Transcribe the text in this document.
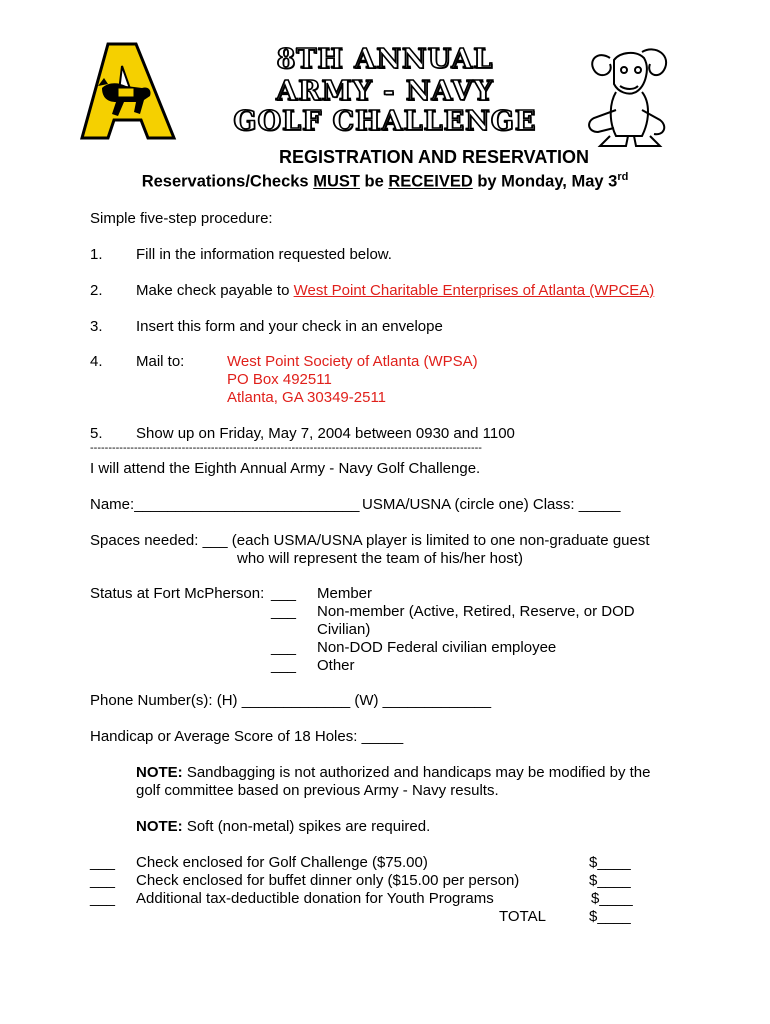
8TH ANNUAL
ARMY - NAVY
GOLF CHALLENGE
REGISTRATION AND RESERVATION
Reservations/Checks MUST be RECEIVED by Monday, May 3rd
Simple five-step procedure:
1. Fill in the information requested below.
2. Make check payable to West Point Charitable Enterprises of Atlanta (WPCEA)
3. Insert this form and your check in an envelope
4. Mail to:	West Point Society of Atlanta (WPSA)
PO Box 492511
Atlanta, GA 30349-2511
5. Show up on Friday, May 7, 2004 between 0930 and 1100
-----------------------------------------------------------------------------------------------------------
I will attend the Eighth Annual Army - Navy Golf Challenge.
Name:___________________________ USMA/USNA (circle one) Class: _____
Spaces needed: ___ (each USMA/USNA player is limited to one non-graduate guest
who will represent the team of his/her host)
Status at Fort McPherson: ___ Member
___ Non-member (Active, Retired, Reserve, or DOD
Civilian)
___ Non-DOD Federal civilian employee
___ Other
Phone Number(s): (H) _____________ (W) _____________
Handicap or Average Score of 18 Holes: _____
NOTE: Sandbagging is not authorized and handicaps may be modified by the
golf committee based on previous Army - Navy results.
NOTE: Soft (non-metal) spikes are required.
___ Check enclosed for Golf Challenge ($75.00)	$____
___ Check enclosed for buffet dinner only ($15.00 per person)	$____
___ Additional tax-deductible donation for Youth Programs	$____
TOTAL	$____
